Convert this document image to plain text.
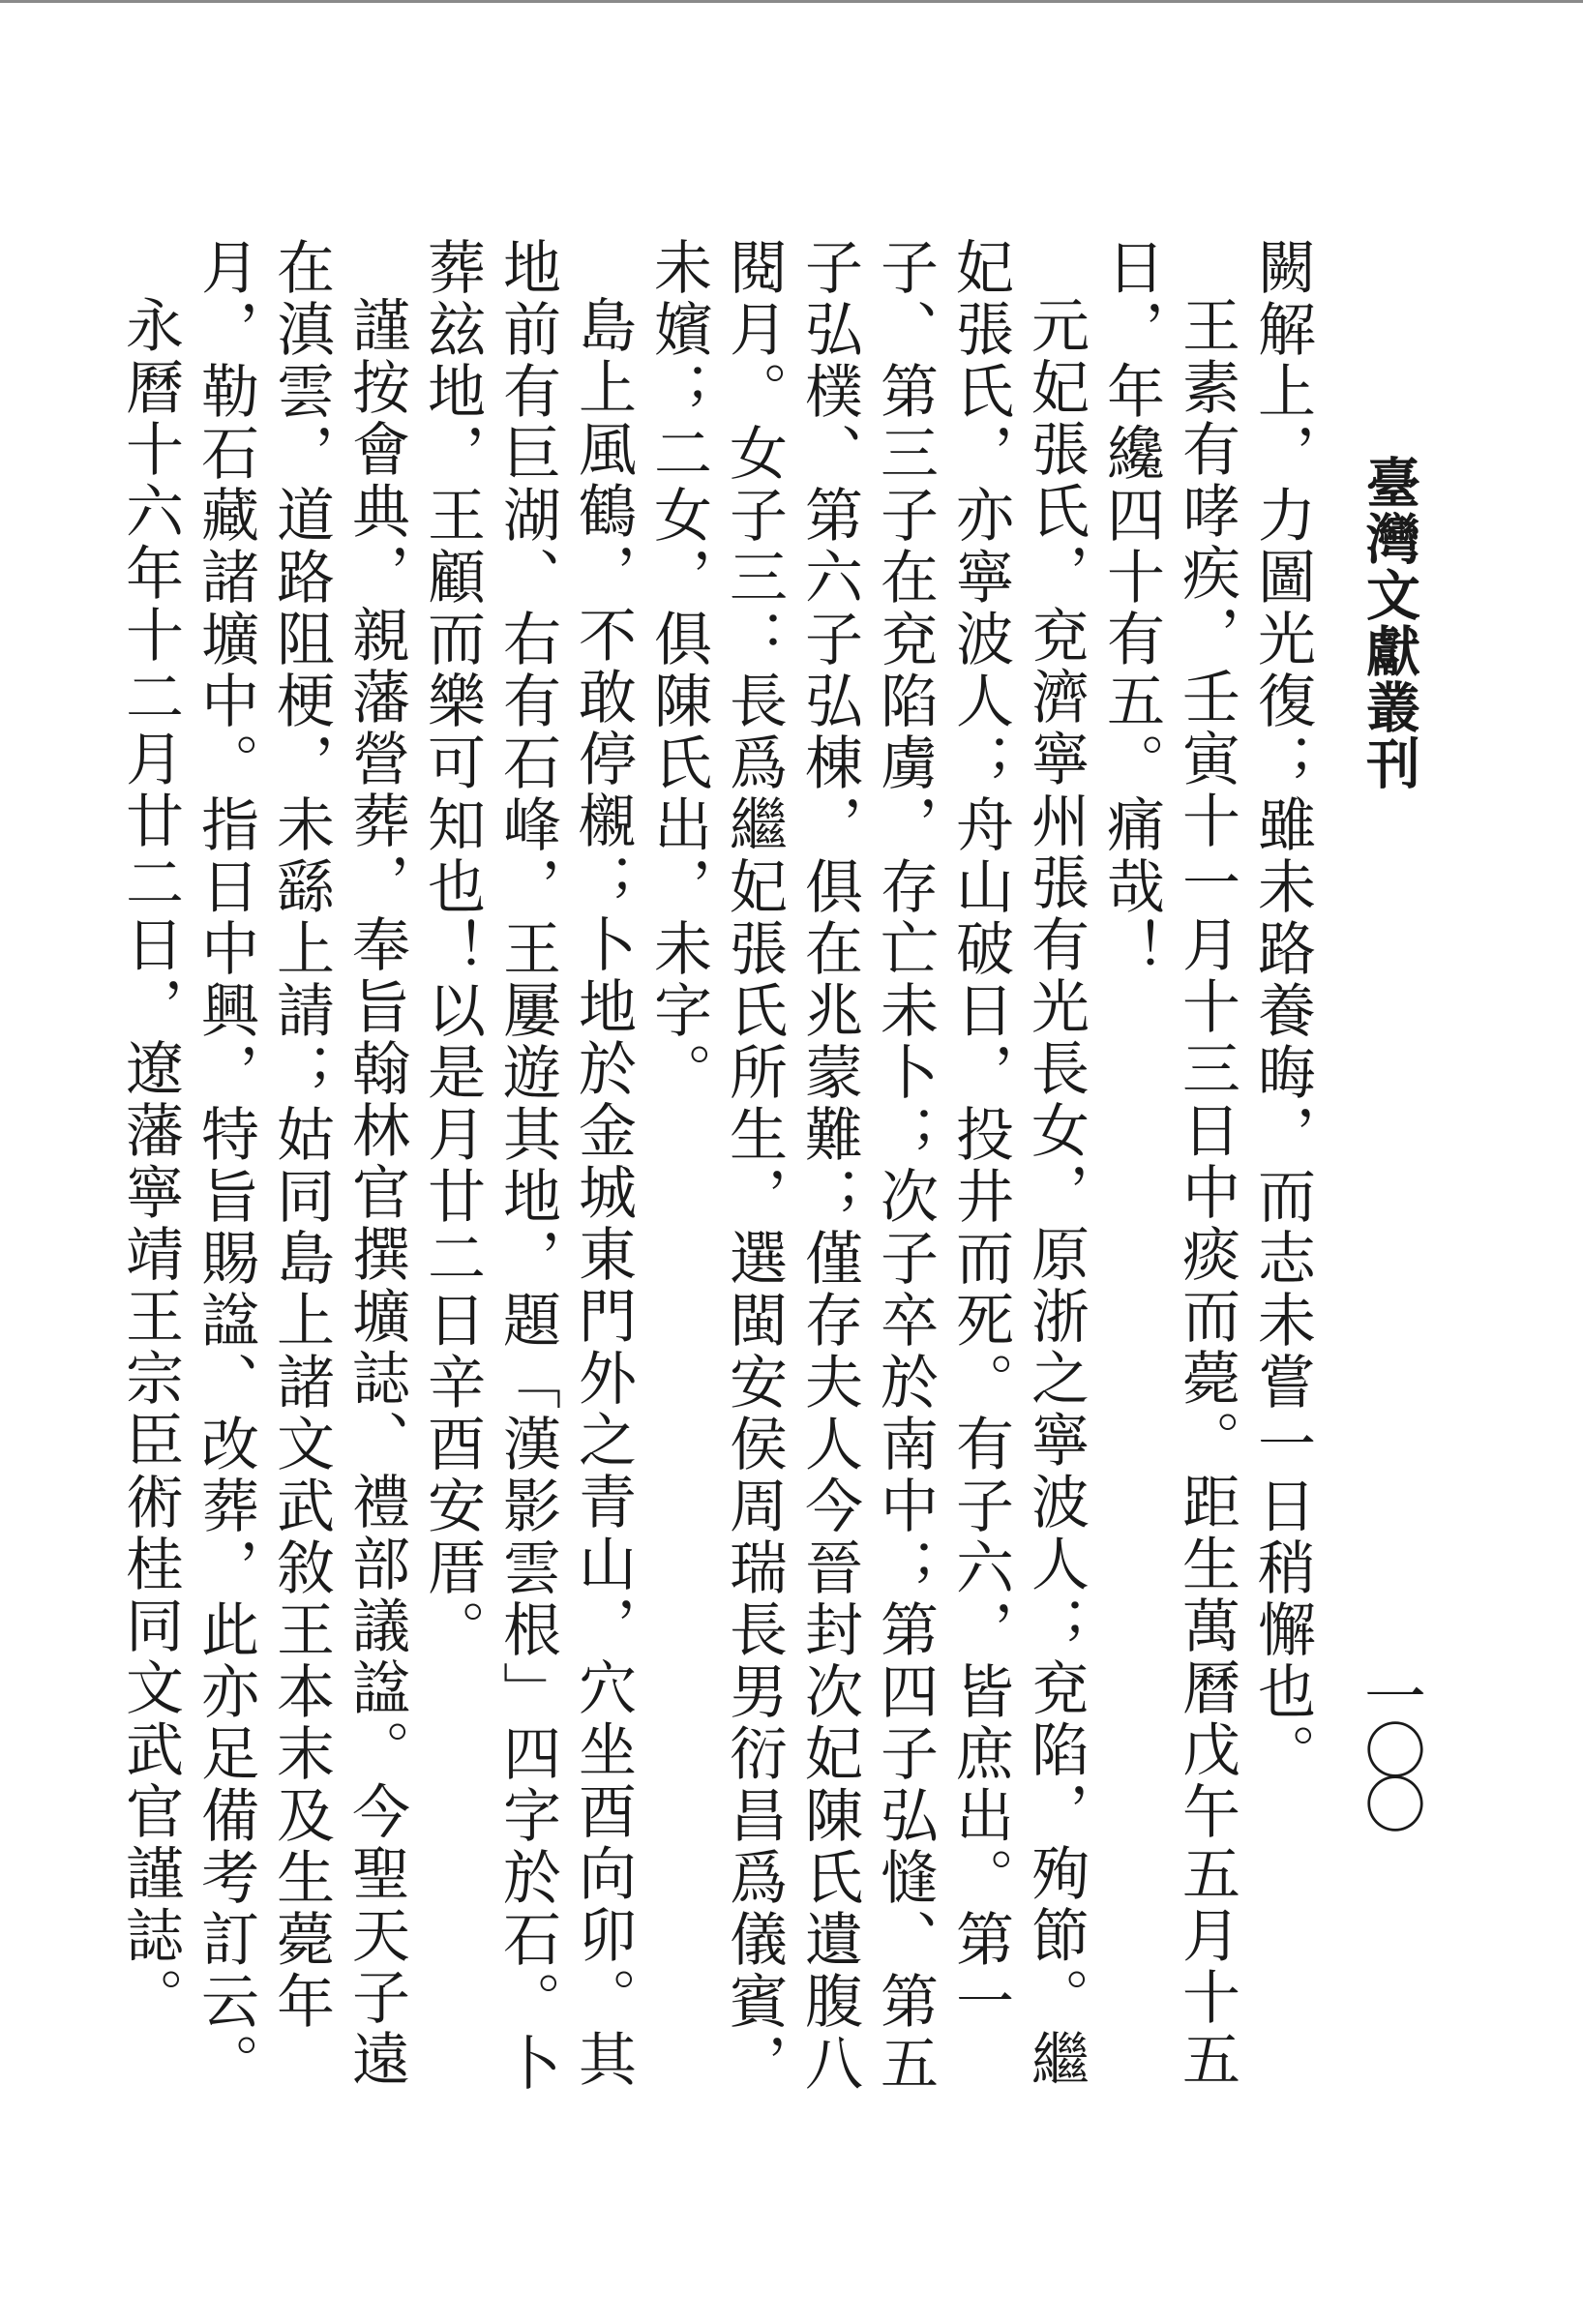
臺灣文獻叢刊
一〇〇

闕解上，力圖光復；雖未路養晦，而志未嘗一日稍懈也。

王素有哮疾，壬寅十一月十三日中痰而薨。距生萬曆戊午五月十五日，年纔四十有五。痛哉！

元妃張氏，兗濟寧州張有光長女，原浙之寧波人；兗陷，殉節。繼妃張氏，亦寧波人；舟山破日，投井而死。有子六，皆庶出。第一子、第三子在兗陷虜，存亡未卜；次子卒於南中；第四子弘㦀、第五子弘樸、第六子弘棟，俱在兆蒙難；僅存夫人今晉封次妃陳氏遺腹八閱月。女子三：長爲繼妃張氏所生，選閩安侯周瑞長男衍昌爲儀賓，未嬪；二女，俱陳氏出，未字。

島上風鶴，不敢停櫬；卜地於金城東門外之青山，穴坐酉向卯。其地前有巨湖、右有石峰，王屢遊其地，題「漢影雲根」四字於石。卜葬玆地，王顧而樂可知也！以是月廿二日辛酉安厝。

謹按會典，親藩營葬，奉旨翰林官撰壙誌、禮部議諡。今聖天子遠在滇雲，道路阻梗，未繇上請；姑同島上諸文武敘王本末及生薨年月，勒石藏諸壙中。指日中興，特旨賜諡、改葬，此亦足備考訂云。

永曆十六年十二月廿二日，遼藩寧靖王宗臣術桂同文武官謹誌。
